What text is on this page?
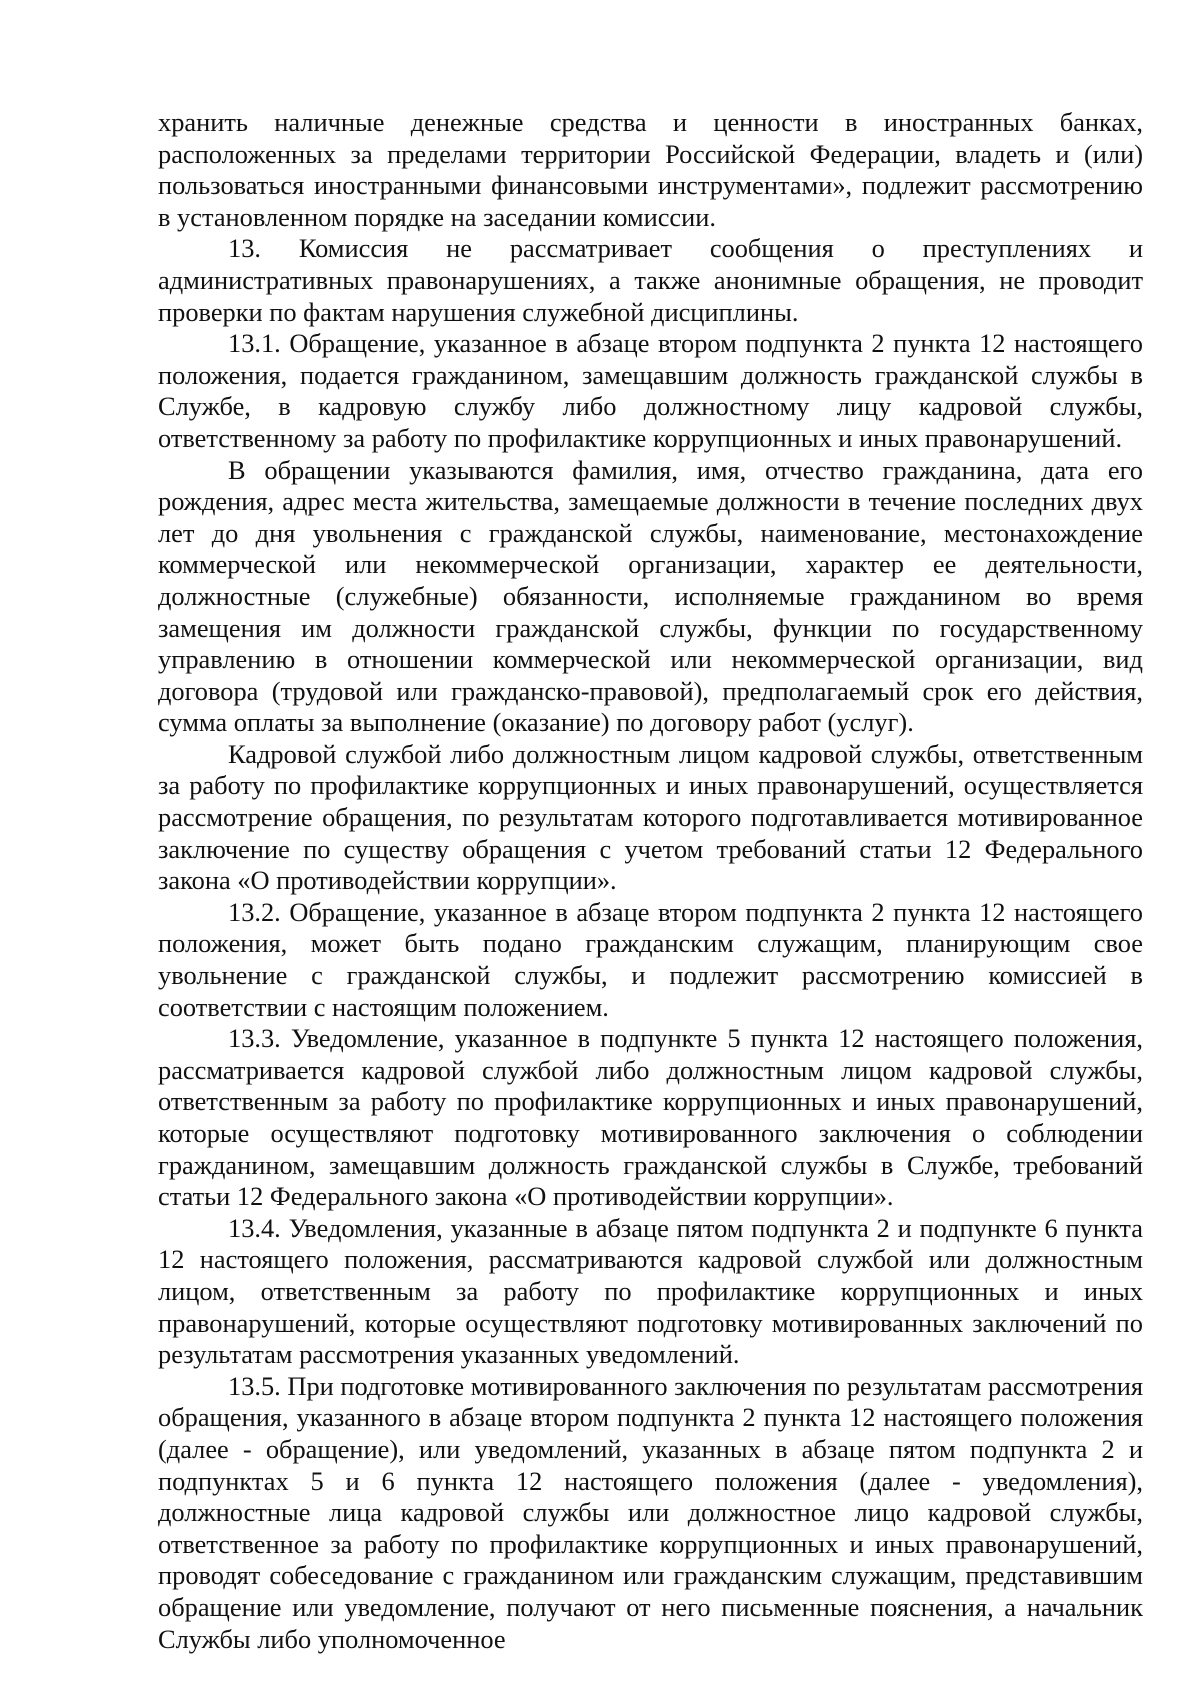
хранить наличные денежные средства и ценности в иностранных банках, расположенных за пределами территории Российской Федерации, владеть и (или) пользоваться иностранными финансовыми инструментами», подлежит рассмотрению в установленном порядке на заседании комиссии.

13. Комиссия не рассматривает сообщения о преступлениях и административных правонарушениях, а также анонимные обращения, не проводит проверки по фактам нарушения служебной дисциплины.

13.1. Обращение, указанное в абзаце втором подпункта 2 пункта 12 настоящего положения, подается гражданином, замещавшим должность гражданской службы в Службе, в кадровую службу либо должностному лицу кадровой службы, ответственному за работу по профилактике коррупционных и иных правонарушений.

В обращении указываются фамилия, имя, отчество гражданина, дата его рождения, адрес места жительства, замещаемые должности в течение последних двух лет до дня увольнения с гражданской службы, наименование, местонахождение коммерческой или некоммерческой организации, характер ее деятельности, должностные (служебные) обязанности, исполняемые гражданином во время замещения им должности гражданской службы, функции по государственному управлению в отношении коммерческой или некоммерческой организации, вид договора (трудовой или гражданско-правовой), предполагаемый срок его действия, сумма оплаты за выполнение (оказание) по договору работ (услуг).

Кадровой службой либо должностным лицом кадровой службы, ответственным за работу по профилактике коррупционных и иных правонарушений, осуществляется рассмотрение обращения, по результатам которого подготавливается мотивированное заключение по существу обращения с учетом требований статьи 12 Федерального закона «О противодействии коррупции».

13.2. Обращение, указанное в абзаце втором подпункта 2 пункта 12 настоящего положения, может быть подано гражданским служащим, планирующим свое увольнение с гражданской службы, и подлежит рассмотрению комиссией в соответствии с настоящим положением.

13.3. Уведомление, указанное в подпункте 5 пункта 12 настоящего положения, рассматривается кадровой службой либо должностным лицом кадровой службы, ответственным за работу по профилактике коррупционных и иных правонарушений, которые осуществляют подготовку мотивированного заключения о соблюдении гражданином, замещавшим должность гражданской службы в Службе, требований статьи 12 Федерального закона «О противодействии коррупции».

13.4. Уведомления, указанные в абзаце пятом подпункта 2 и подпункте 6 пункта 12 настоящего положения, рассматриваются кадровой службой или должностным лицом, ответственным за работу по профилактике коррупционных и иных правонарушений, которые осуществляют подготовку мотивированных заключений по результатам рассмотрения указанных уведомлений.

13.5. При подготовке мотивированного заключения по результатам рассмотрения обращения, указанного в абзаце втором подпункта 2 пункта 12 настоящего положения (далее - обращение), или уведомлений, указанных в абзаце пятом подпункта 2 и подпунктах 5 и 6 пункта 12 настоящего положения (далее - уведомления), должностные лица кадровой службы или должностное лицо кадровой службы, ответственное за работу по профилактике коррупционных и иных правонарушений, проводят собеседование с гражданином или гражданским служащим, представившим обращение или уведомление, получают от него письменные пояснения, а начальник Службы либо уполномоченное
